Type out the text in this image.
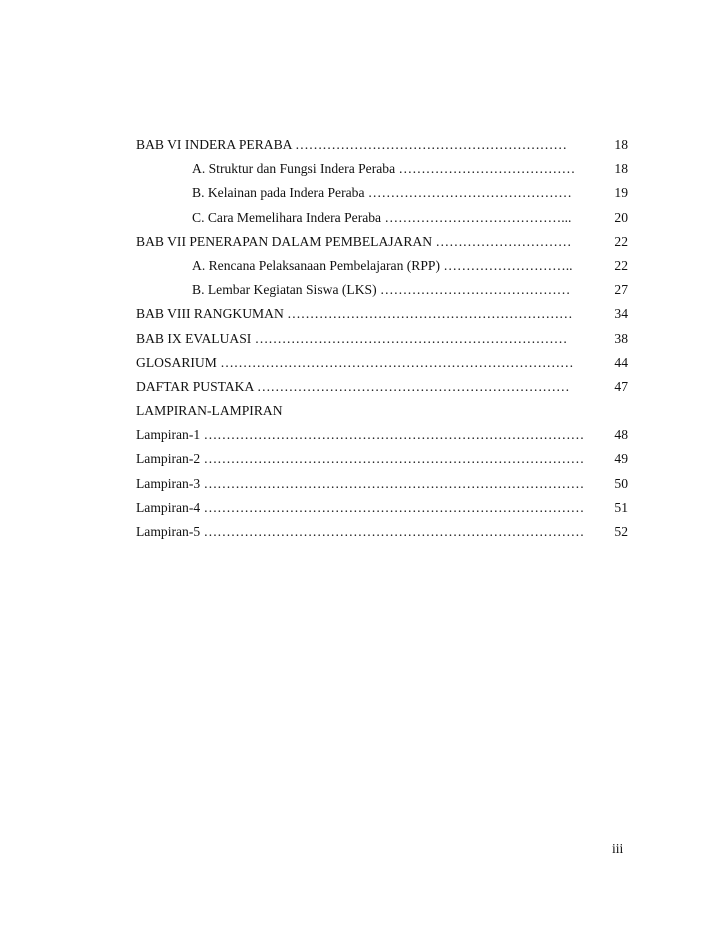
BAB VI INDERA PERABA ……………………………………………………	18
A. Struktur dan Fungsi Indera Peraba …………………………………	18
B. Kelainan pada Indera Peraba ………………………………………	19
C. Cara Memelihara Indera Peraba …………………………………...	20
BAB VII PENERAPAN DALAM PEMBELAJARAN …………………………	22
A. Rencana Pelaksanaan Pembelajaran (RPP) ………………………..	22
B. Lembar Kegiatan Siswa (LKS) ……………………………………	27
BAB VIII RANGKUMAN ………………………………………………………	34
BAB IX EVALUASI ……………………………………………………………	38
GLOSARIUM ……………………………………………………………………	44
DAFTAR PUSTAKA ……………………………………………………………	47
LAMPIRAN-LAMPIRAN
Lampiran-1 …………………………………………………………………………	48
Lampiran-2 …………………………………………………………………………	49
Lampiran-3 …………………………………………………………………………	50
Lampiran-4 …………………………………………………………………………	51
Lampiran-5 …………………………………………………………………………	52
iii
